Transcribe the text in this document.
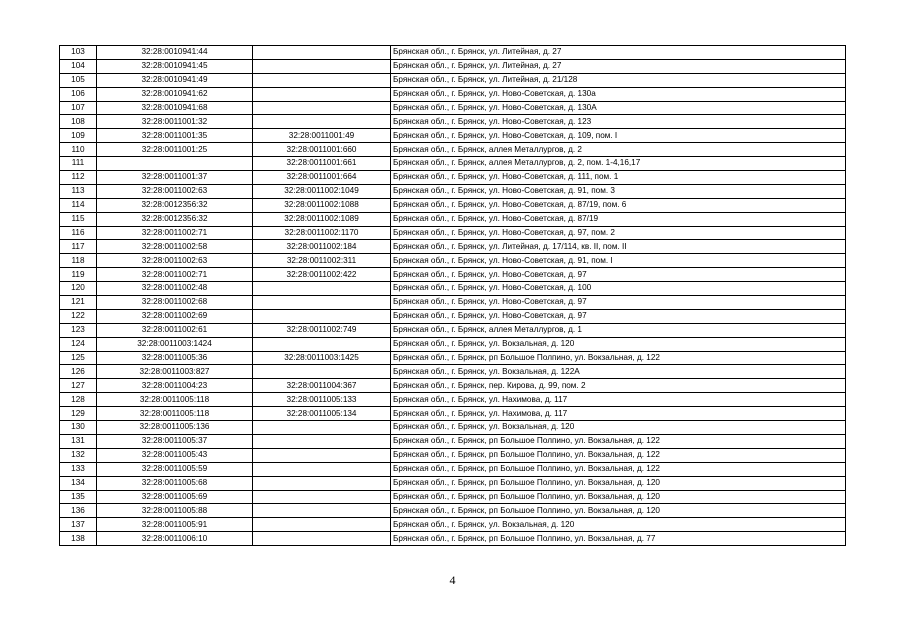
103	32:28:0010941:44		Брянская обл., г. Брянск, ул. Литейная, д. 27
104	32:28:0010941:45		Брянская обл., г. Брянск, ул. Литейная, д. 27
105	32:28:0010941:49		Брянская обл., г. Брянск, ул. Литейная, д. 21/128
106	32:28:0010941:62		Брянская обл., г. Брянск, ул. Ново-Советская, д. 130а
107	32:28:0010941:68		Брянская обл., г. Брянск, ул. Ново-Советская, д. 130А
108	32:28:0011001:32		Брянская обл., г. Брянск, ул. Ново-Советская, д. 123
109	32:28:0011001:35	32:28:0011001:49	Брянская обл., г. Брянск, ул. Ново-Советская, д. 109, пом. I
110	32:28:0011001:25	32:28:0011001:660	Брянская обл., г. Брянск, аллея Металлургов, д. 2
111		32:28:0011001:661	Брянская обл., г. Брянск, аллея Металлургов, д. 2, пом. 1-4,16,17
112	32:28:0011001:37	32:28:0011001:664	Брянская обл., г. Брянск, ул. Ново-Советская, д. 111, пом. 1
113	32:28:0011002:63	32:28:0011002:1049	Брянская обл., г. Брянск, ул. Ново-Советская, д. 91, пом. 3
114	32:28:0012356:32	32:28:0011002:1088	Брянская обл., г. Брянск, ул. Ново-Советская, д. 87/19, пом. 6
115	32:28:0012356:32	32:28:0011002:1089	Брянская обл., г. Брянск, ул. Ново-Советская, д. 87/19
116	32:28:0011002:71	32:28:0011002:1170	Брянская обл., г. Брянск, ул. Ново-Советская, д. 97, пом. 2
117	32:28:0011002:58	32:28:0011002:184	Брянская обл., г. Брянск, ул. Литейная, д. 17/114, кв. II, пом. II
118	32:28:0011002:63	32:28:0011002:311	Брянская обл., г. Брянск, ул. Ново-Советская, д. 91, пом. I
119	32:28:0011002:71	32:28:0011002:422	Брянская обл., г. Брянск, ул. Ново-Советская, д. 97
120	32:28:0011002:48		Брянская обл., г. Брянск, ул. Ново-Советская, д. 100
121	32:28:0011002:68		Брянская обл., г. Брянск, ул. Ново-Советская, д. 97
122	32:28:0011002:69		Брянская обл., г. Брянск, ул. Ново-Советская, д. 97
123	32:28:0011002:61	32:28:0011002:749	Брянская обл., г. Брянск, аллея Металлургов, д. 1
124	32:28:0011003:1424		Брянская обл., г. Брянск, ул. Вокзальная, д. 120
125	32:28:0011005:36	32:28:0011003:1425	Брянская обл., г. Брянск, рп Большое Полпино, ул. Вокзальная, д. 122
126	32:28:0011003:827		Брянская обл., г. Брянск, ул. Вокзальная, д. 122А
127	32:28:0011004:23	32:28:0011004:367	Брянская обл., г. Брянск, пер. Кирова, д. 99, пом. 2
128	32:28:0011005:118	32:28:0011005:133	Брянская обл., г. Брянск, ул. Нахимова, д. 117
129	32:28:0011005:118	32:28:0011005:134	Брянская обл., г. Брянск, ул. Нахимова, д. 117
130	32:28:0011005:136		Брянская обл., г. Брянск, ул. Вокзальная, д. 120
131	32:28:0011005:37		Брянская обл., г. Брянск, рп Большое Полпино, ул. Вокзальная, д. 122
132	32:28:0011005:43		Брянская обл., г. Брянск, рп Большое Полпино, ул. Вокзальная, д. 122
133	32:28:0011005:59		Брянская обл., г. Брянск, рп Большое Полпино, ул. Вокзальная, д. 122
134	32:28:0011005:68		Брянская обл., г. Брянск, рп Большое Полпино, ул. Вокзальная, д. 120
135	32:28:0011005:69		Брянская обл., г. Брянск, рп Большое Полпино, ул. Вокзальная, д. 120
136	32:28:0011005:88		Брянская обл., г. Брянск, рп Большое Полпино, ул. Вокзальная, д. 120
137	32:28:0011005:91		Брянская обл., г. Брянск, ул. Вокзальная, д. 120
138	32:28:0011006:10		Брянская обл., г. Брянск, рп Большое Полпино, ул. Вокзальная, д. 77
4
